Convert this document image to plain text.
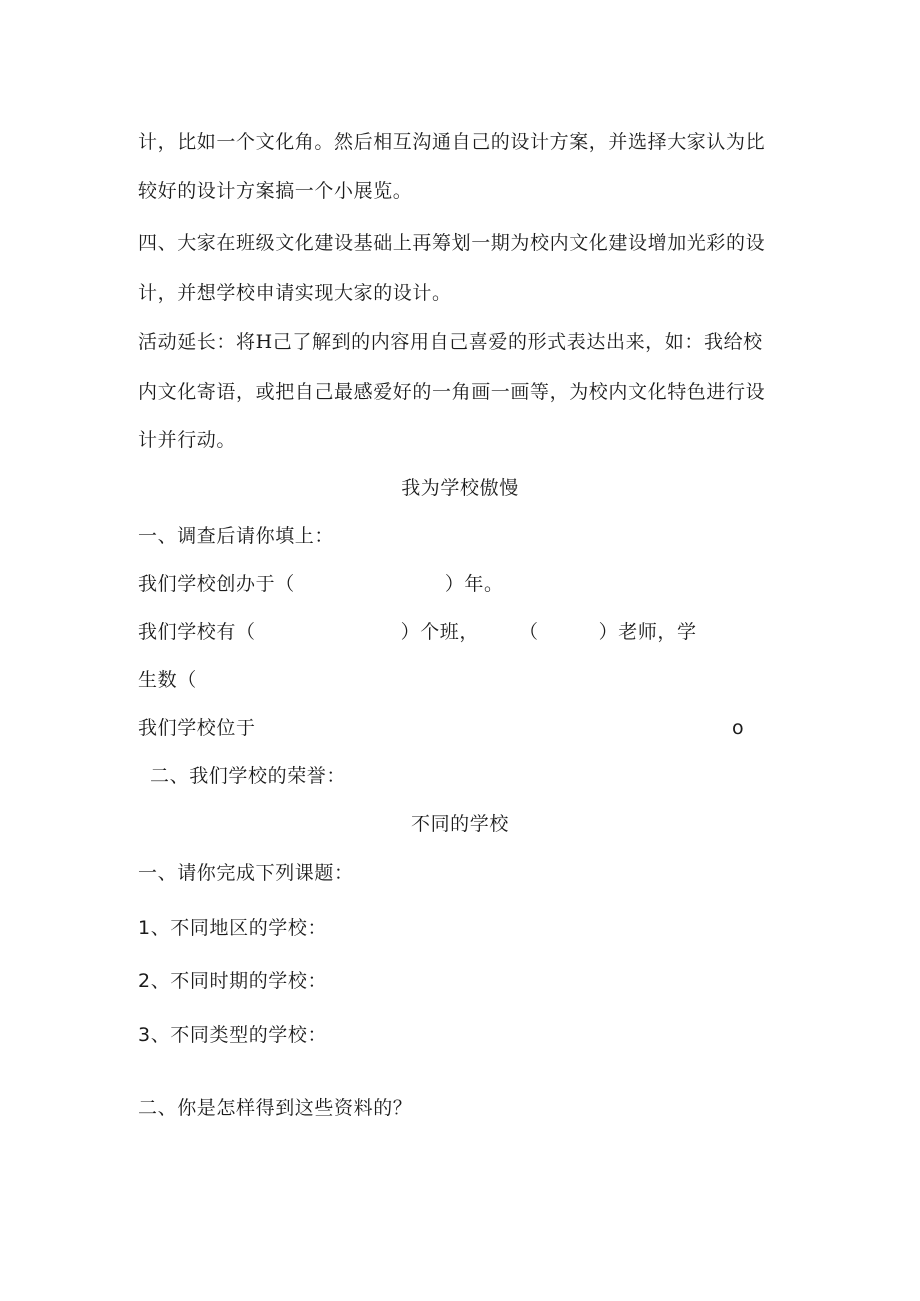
计，比如一个文化角。然后相互沟通自己的设计方案，并选择大家认为比
较好的设计方案搞一个小展览。
四、大家在班级文化建设基础上再筹划一期为校内文化建设增加光彩的设
计，并想学校申请实现大家的设计。
活动延长：将H己了解到的内容用自己喜爱的形式表达出来，如：我给校
内文化寄语，或把自己最感爱好的一角画一画等，为校内文化特色进行设
计并行动。
我为学校傲慢
一、调查后请你填上：
我们学校创办于（	）年。
我们学校有（	）个班， （	）老师，学
生数（
我们学校位于	o
二、我们学校的荣誉：
不同的学校
一、请你完成下列课题：
1、不同地区的学校：
2、不同时期的学校：
3、不同类型的学校：
二、你是怎样得到这些资料的？
